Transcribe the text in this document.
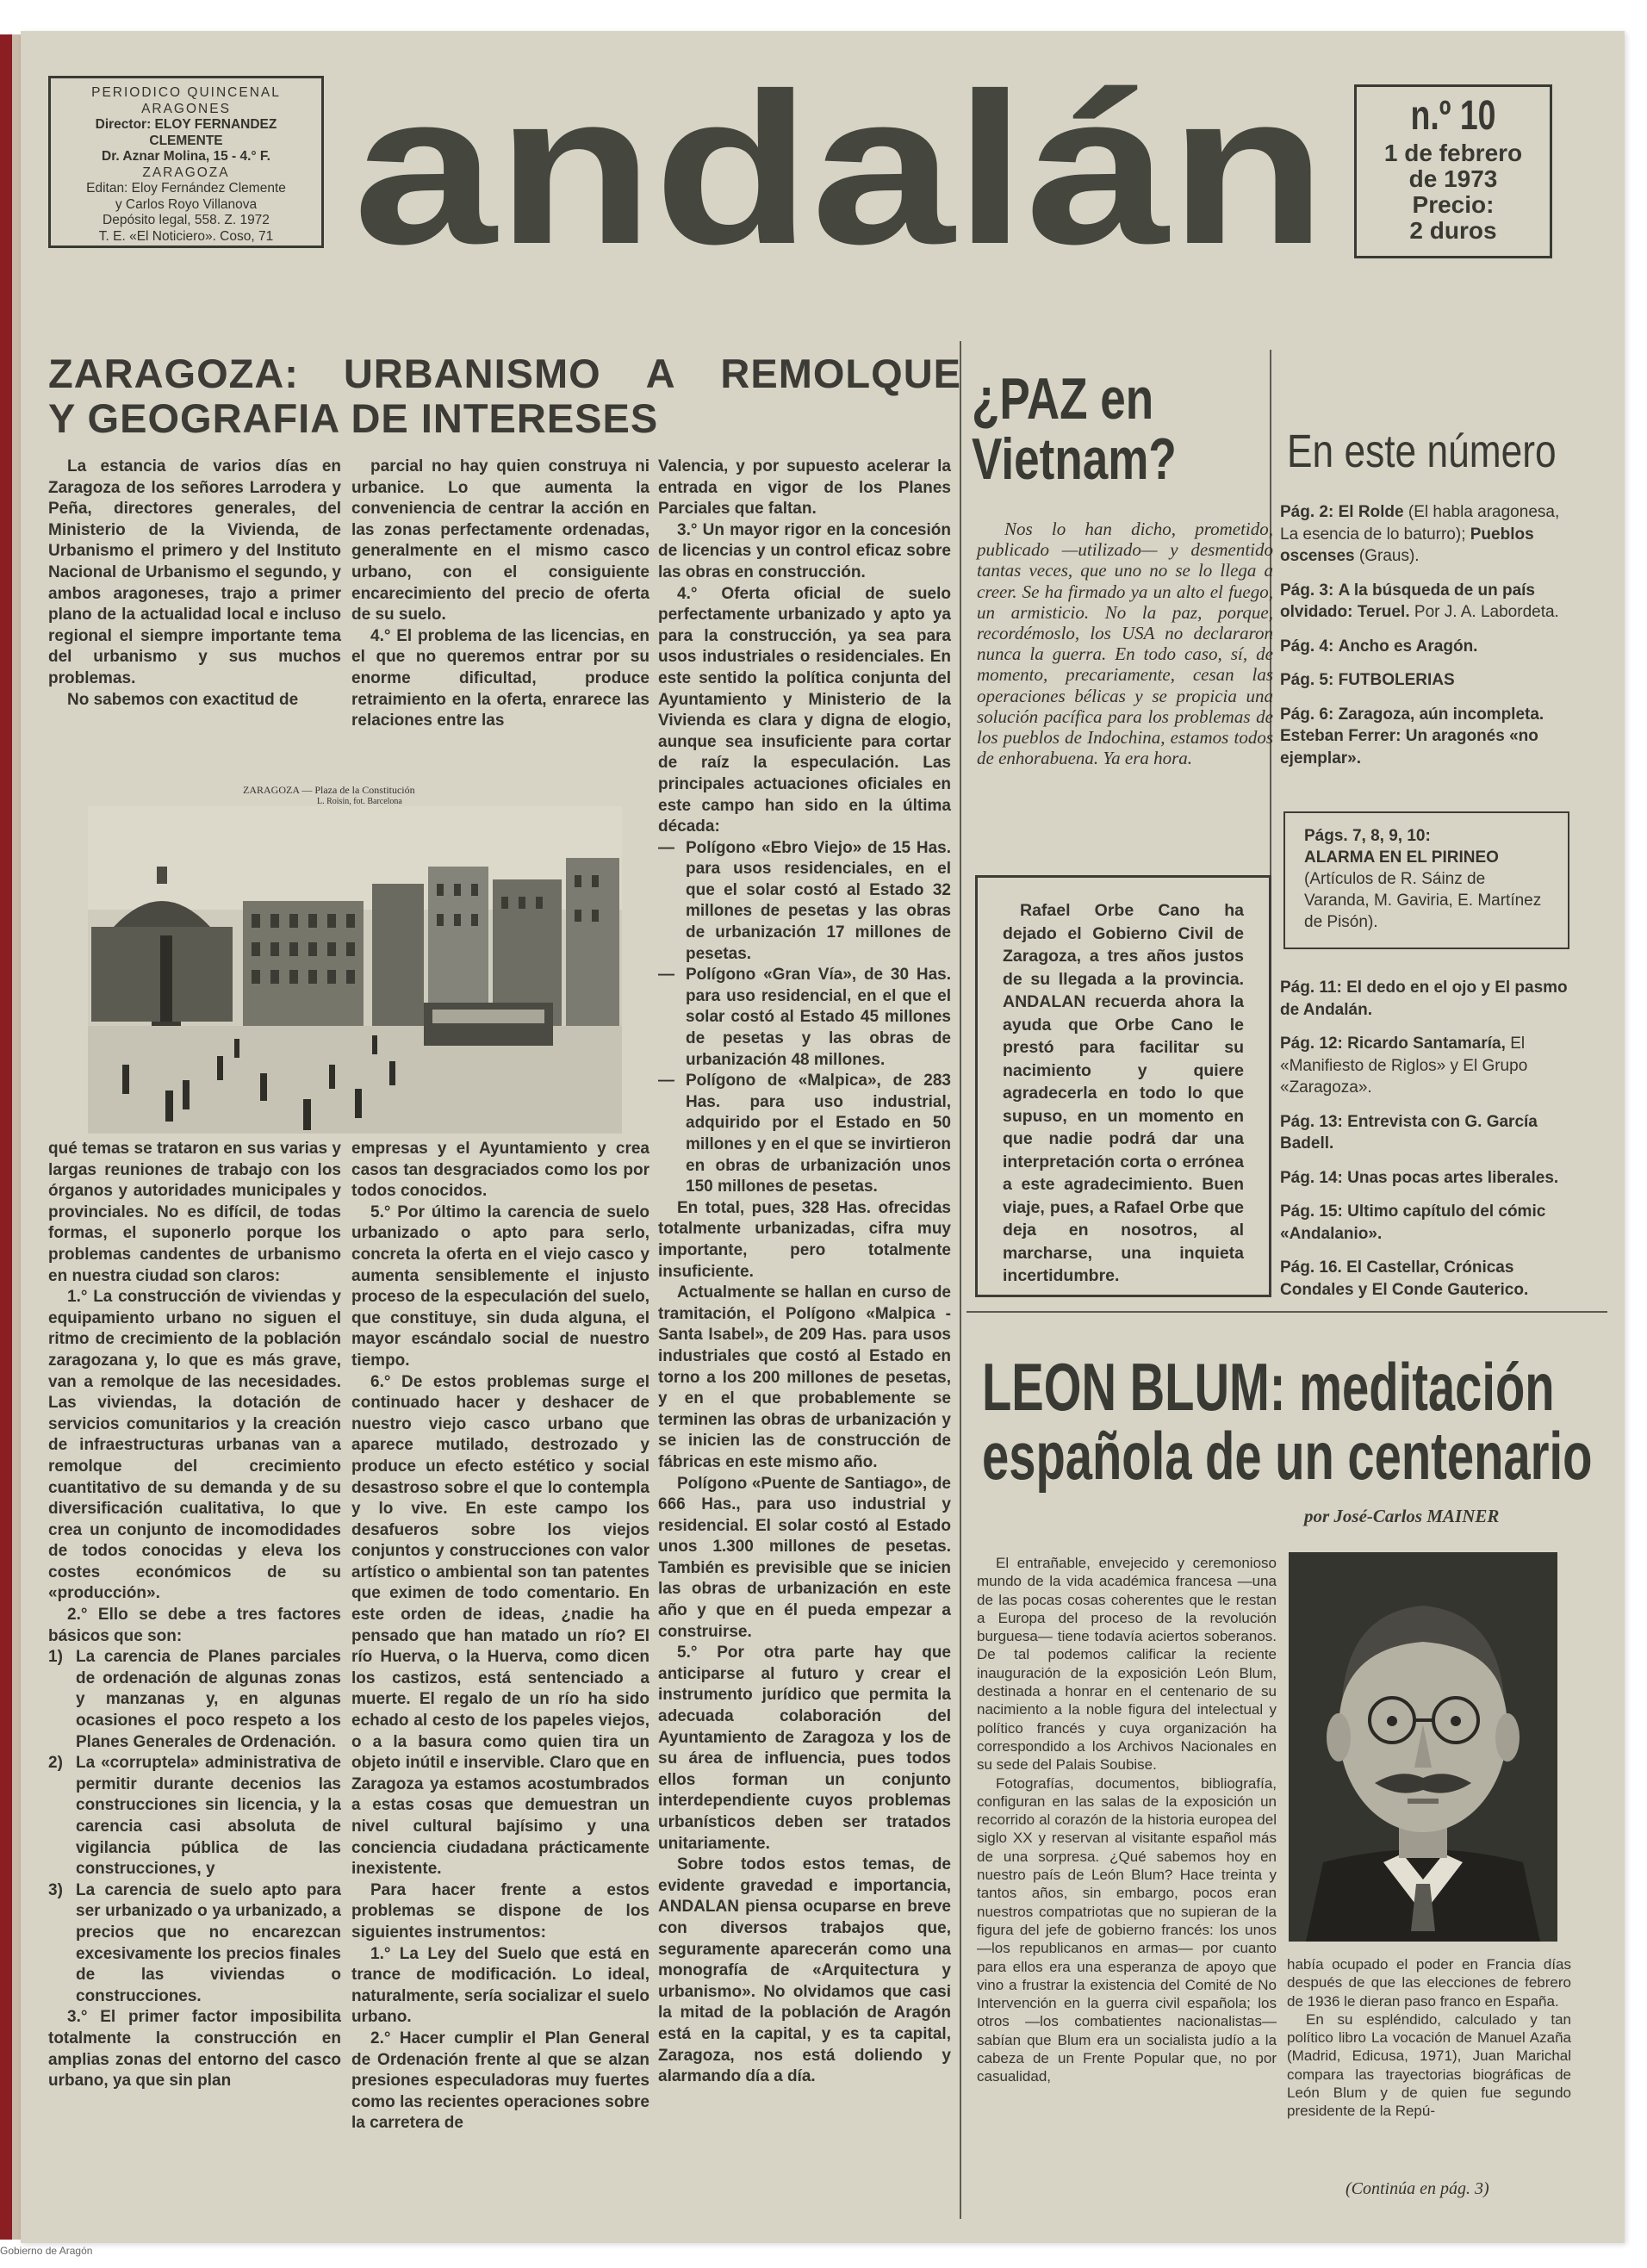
PERIODICO QUINCENAL
ARAGONES
Director: ELOY FERNANDEZ
CLEMENTE
Dr. Aznar Molina, 15 - 4.° F.
ZARAGOZA
Editan: Eloy Fernández Clemente
y Carlos Royo Villanova
Depósito legal, 558. Z. 1972
T. E. «El Noticiero». Coso, 71 andalán	n.º 10
1 de febrero
de 1973
Precio:
2 duros
ZARAGOZA: URBANISMO A REMOLQUE
Y GEOGRAFIA DE INTERESES

La estancia de varios días en Zaragoza de los señores Larrodera y Peña, directores generales, del Ministerio de la Vivienda, de Urbanismo el primero y del Instituto Nacional de Urbanismo el segundo, y ambos aragoneses, trajo a primer plano de la actualidad local e incluso regional el siempre importante tema del urbanismo y sus muchos problemas.

No sabemos con exactitud de

parcial no hay quien construya ni urbanice. Lo que aumenta la conveniencia de centrar la acción en las zonas perfectamente ordenadas, generalmente en el mismo casco urbano, con el consiguiente encarecimiento del precio de oferta de su suelo.

4.° El problema de las licencias, en el que no queremos entrar por su enorme dificultad, produce retraimiento en la oferta, enrarece las relaciones entre las

ZARAGOZA — Plaza de la Constitución
L. Roisin, fot. Barcelona

qué temas se trataron en sus varias y largas reuniones de trabajo con los órganos y autoridades municipales y provinciales. No es difícil, de todas formas, el suponerlo porque los problemas candentes de urbanismo en nuestra ciudad son claros:

1.° La construcción de viviendas y equipamiento urbano no siguen el ritmo de crecimiento de la población zaragozana y, lo que es más grave, van a remolque de las necesidades. Las viviendas, la dotación de servicios comunitarios y la creación de infraestructuras urbanas van a remolque del crecimiento cuantitativo de su demanda y de su diversificación cualitativa, lo que crea un conjunto de incomodidades de todos conocidas y eleva los costes económicos de su «producción».

2.° Ello se debe a tres factores básicos que son:

1) La carencia de Planes parciales de ordenación de algunas zonas y manzanas y, en algunas ocasiones el poco respeto a los Planes Generales de Ordenación.
2) La «corruptela» administrativa de permitir durante decenios las construcciones sin licencia, y la carencia casi absoluta de vigilancia pública de las construcciones, y
3) La carencia de suelo apto para ser urbanizado o ya urbanizado, a precios que no encarezcan excesivamente los precios finales de las viviendas o construcciones.

3.° El primer factor imposibilita totalmente la construcción en amplias zonas del entorno del casco urbano, ya que sin plan

empresas y el Ayuntamiento y crea casos tan desgraciados como los por todos conocidos.

5.° Por último la carencia de suelo urbanizado o apto para serlo, concreta la oferta en el viejo casco y aumenta sensiblemente el injusto proceso de la especulación del suelo, que constituye, sin duda alguna, el mayor escándalo social de nuestro tiempo.

6.° De estos problemas surge el continuado hacer y deshacer de nuestro viejo casco urbano que aparece mutilado, destrozado y produce un efecto estético y social desastroso sobre el que lo contempla y lo vive. En este campo los desafueros sobre los viejos conjuntos y construcciones con valor artístico o ambiental son tan patentes que eximen de todo comentario. En este orden de ideas, ¿nadie ha pensado que han matado un río? El río Huerva, o la Huerva, como dicen los castizos, está sentenciado a muerte. El regalo de un río ha sido echado al cesto de los papeles viejos, o a la basura como quien tira un objeto inútil e inservible. Claro que en Zaragoza ya estamos acostumbrados a estas cosas que demuestran un nivel cultural bajísimo y una conciencia ciudadana prácticamente inexistente.

Para hacer frente a estos problemas se dispone de los siguientes instrumentos:

1.° La Ley del Suelo que está en trance de modificación. Lo ideal, naturalmente, sería socializar el suelo urbano.

2.° Hacer cumplir el Plan General de Ordenación frente al que se alzan presiones especuladoras muy fuertes como las recientes operaciones sobre la carretera de

Valencia, y por supuesto acelerar la entrada en vigor de los Planes Parciales que faltan.

3.° Un mayor rigor en la concesión de licencias y un control eficaz sobre las obras en construcción.

4.° Oferta oficial de suelo perfectamente urbanizado y apto ya para la construcción, ya sea para usos industriales o residenciales. En este sentido la política conjunta del Ayuntamiento y Ministerio de la Vivienda es clara y digna de elogio, aunque sea insuficiente para cortar de raíz la especulación. Las principales actuaciones oficiales en este campo han sido en la última década:

— Polígono «Ebro Viejo» de 15 Has. para usos residenciales, en el que el solar costó al Estado 32 millones de pesetas y las obras de urbanización 17 millones de pesetas.
— Polígono «Gran Vía», de 30 Has. para uso residencial, en el que el solar costó al Estado 45 millones de pesetas y las obras de urbanización 48 millones.
— Polígono de «Malpica», de 283 Has. para uso industrial, adquirido por el Estado en 50 millones y en el que se invirtieron en obras de urbanización unos 150 millones de pesetas.

En total, pues, 328 Has. ofrecidas totalmente urbanizadas, cifra muy importante, pero totalmente insuficiente.

Actualmente se hallan en curso de tramitación, el Polígono «Malpica - Santa Isabel», de 209 Has. para usos industriales que costó al Estado en torno a los 200 millones de pesetas, y en el que probablemente se terminen las obras de urbanización y se inicien las de construcción de fábricas en este mismo año.

Polígono «Puente de Santiago», de 666 Has., para uso industrial y residencial. El solar costó al Estado unos 1.300 millones de pesetas. También es previsible que se inicien las obras de urbanización en este año y que en él pueda empezar a construirse.

5.° Por otra parte hay que anticiparse al futuro y crear el instrumento jurídico que permita la adecuada colaboración del Ayuntamiento de Zaragoza y los de su área de influencia, pues todos ellos forman un conjunto interdependiente cuyos problemas urbanísticos deben ser tratados unitariamente.

Sobre todos estos temas, de evidente gravedad e importancia, ANDALAN piensa ocuparse en breve con diversos trabajos que, seguramente aparecerán como una monografía de «Arquitectura y urbanismo». No olvidamos que casi la mitad de la población de Aragón está en la capital, y es ta capital, Zaragoza, nos está doliendo y alarmando día a día.

¿PAZ en
Vietnam?
Nos lo han dicho, prometido, publicado —utilizado— y desmentido tantas veces, que uno no se lo llega a creer. Se ha firmado ya un alto el fuego, un armisticio. No la paz, porque, recordémoslo, los USA no declararon nunca la guerra. En todo caso, sí, de momento, precariamente, cesan las operaciones bélicas y se propicia una solución pacífica para los problemas de los pueblos de Indochina, estamos todos de enhorabuena. Ya era hora.
Rafael Orbe Cano ha dejado el Gobierno Civil de Zaragoza, a tres años justos de su llegada a la provincia. ANDALAN recuerda ahora la ayuda que Orbe Cano le prestó para facilitar su nacimiento y quiere agradecerla en todo lo que supuso, en un momento en que nadie podrá dar una interpretación corta o errónea a este agradecimiento. Buen viaje, pues, a Rafael Orbe que deja en nosotros, al marcharse, una inquieta incertidumbre.
En este número
Pág. 2: El Rolde (El habla aragonesa, La esencia de lo baturro); Pueblos oscenses (Graus).
Pág. 3: A la búsqueda de un país olvidado: Teruel. Por J. A. Labordeta.
Pág. 4: Ancho es Aragón.
Pág. 5: FUTBOLERIAS
Pág. 6: Zaragoza, aún incompleta. Esteban Ferrer: Un aragonés «no ejemplar».
Págs. 7, 8, 9, 10:
ALARMA EN EL PIRINEO
(Artículos de R. Sáinz de Varanda, M. Gaviria, E. Martínez de Pisón).
Pág. 11: El dedo en el ojo y El pasmo de Andalán.
Pág. 12: Ricardo Santamaría, El «Manifiesto de Riglos» y El Grupo «Zaragoza».
Pág. 13: Entrevista con G. García Badell.
Pág. 14: Unas pocas artes liberales.
Pág. 15: Ultimo capítulo del cómic «Andalanio».
Pág. 16. El Castellar, Crónicas Condales y El Conde Gauterico.
LEON BLUM: meditación
española de un centenario
por José-Carlos MAINER

El entrañable, envejecido y ceremonioso mundo de la vida académica francesa —una de las pocas cosas coherentes que le restan a Europa del proceso de la revolución burguesa— tiene todavía aciertos soberanos. De tal podemos calificar la reciente inauguración de la exposición León Blum, destinada a honrar en el centenario de su nacimiento a la noble figura del intelectual y político francés y cuya organización ha correspondido a los Archivos Nacionales en su sede del Palais Soubise.

Fotografías, documentos, bibliografía, configuran en las salas de la exposición un recorrido al corazón de la historia europea del siglo XX y reservan al visitante español más de una sorpresa. ¿Qué sabemos hoy en nuestro país de León Blum? Hace treinta y tantos años, sin embargo, pocos eran nuestros compatriotas que no supieran de la figura del jefe de gobierno francés: los unos —los republicanos en armas— por cuanto para ellos era una esperanza de apoyo que vino a frustrar la existencia del Comité de No Intervención en la guerra civil española; los otros —los combatientes nacionalistas— sabían que Blum era un socialista judío a la cabeza de un Frente Popular que, no por casualidad,

había ocupado el poder en Francia días después de que las elecciones de febrero de 1936 le dieran paso franco en España.

En su espléndido, calculado y tan político libro La vocación de Manuel Azaña (Madrid, Edicusa, 1971), Juan Marichal compara las trayectorias biográficas de León Blum y de quien fue segundo presidente de la Repú-

(Continúa en pág. 3)
Gobierno de Aragón
